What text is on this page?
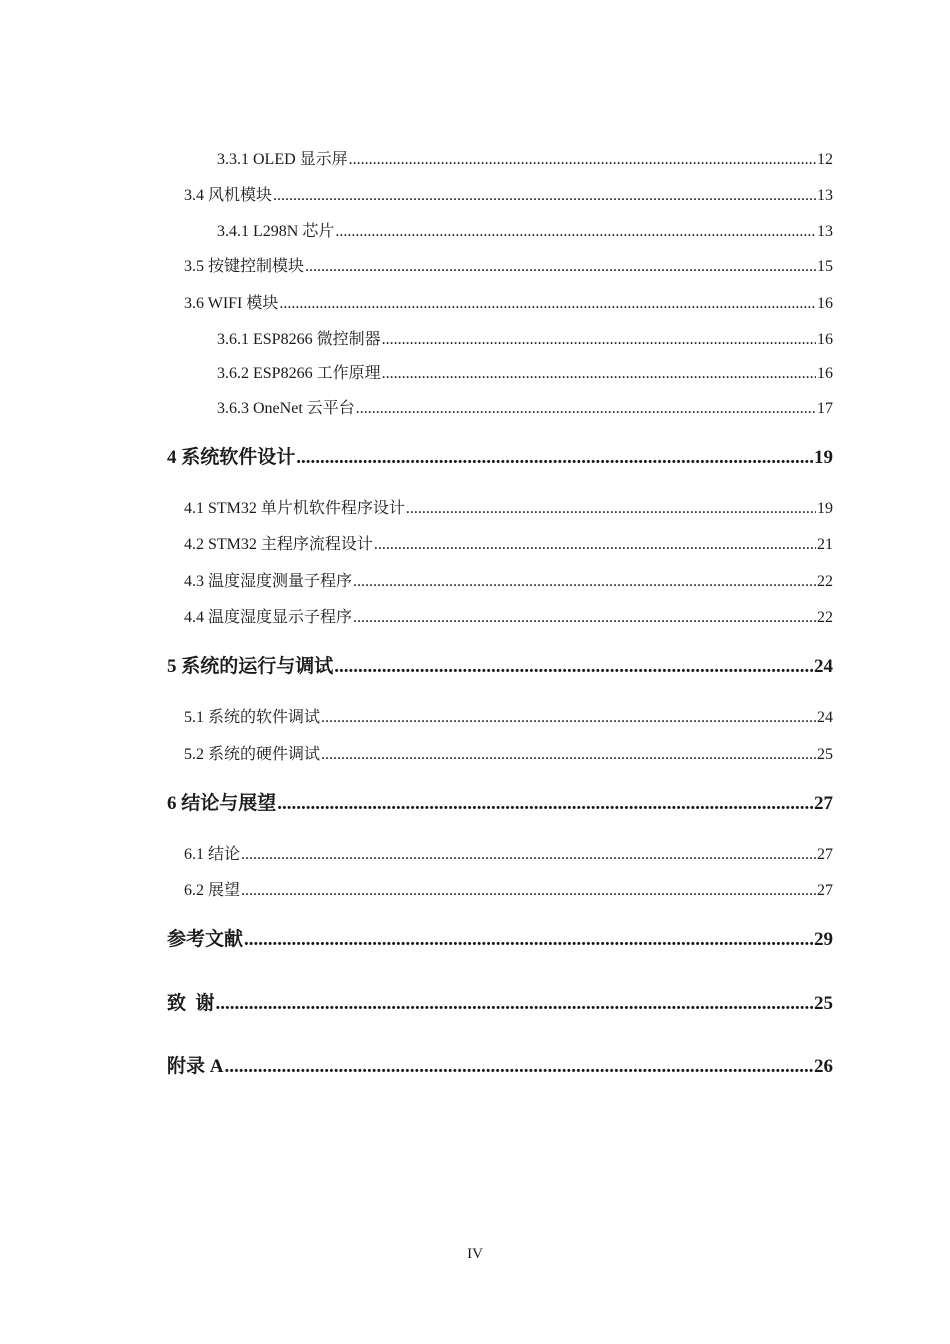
3.3.1 OLED 显示屏 .....	12
3.4 风机模块 .....	13
3.4.1 L298N 芯片 .....	13
3.5 按键控制模块 .....	15
3.6 WIFI 模块 .....	16
3.6.1 ESP8266 微控制器 .....	16
3.6.2 ESP8266 工作原理 .....	16
3.6.3 OneNet 云平台 .....	17
4 系统软件设计 .....	19
4.1 STM32 单片机软件程序设计 .....	19
4.2 STM32 主程序流程设计 .....	21
4.3 温度湿度测量子程序 .....	22
4.4 温度湿度显示子程序 .....	22
5 系统的运行与调试 .....	24
5.1 系统的软件调试 .....	24
5.2 系统的硬件调试 .....	25
6 结论与展望 .....	27
6.1 结论 .....	27
6.2 展望 .....	27
参考文献 .....	29
致  谢 .....	25
附录 A .....	26
IV
